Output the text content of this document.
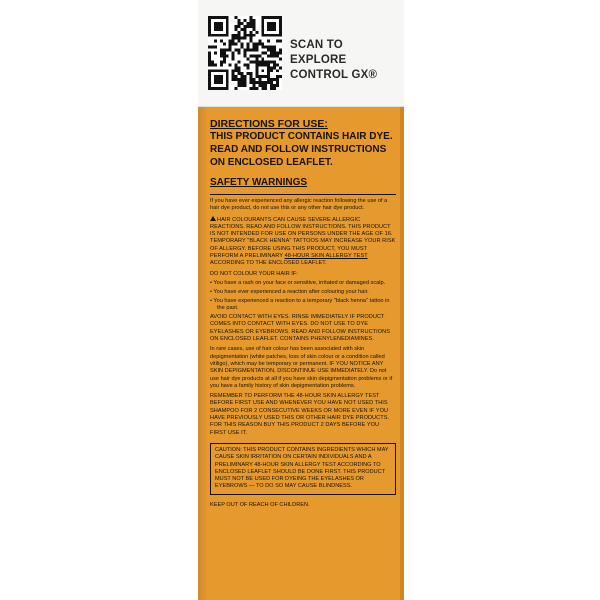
SCAN TO
EXPLORE
CONTROL GX®
DIRECTIONS FOR USE:
THIS PRODUCT CONTAINS HAIR DYE.
READ AND FOLLOW INSTRUCTIONS
ON ENCLOSED LEAFLET.
SAFETY WARNINGS

If you have ever experienced any allergic reaction following the use of a hair dye product, do not use this or any other hair dye product.

HAIR COLOURANTS CAN CAUSE SEVERE ALLERGIC REACTIONS. READ AND FOLLOW INSTRUCTIONS. THIS PRODUCT IS NOT INTENDED FOR USE ON PERSONS UNDER THE AGE OF 16. TEMPORARY "BLACK HENNA" TATTOOS MAY INCREASE YOUR RISK OF ALLERGY. BEFORE USING THIS PRODUCT, YOU MUST PERFORM A PRELIMINARY 48-HOUR SKIN ALLERGY TEST ACCORDING TO THE ENCLOSED LEAFLET.

DO NOT COLOUR YOUR HAIR IF:

• You have a rash on your face or sensitive, irritated or damaged scalp.
• You have ever experienced a reaction after colouring your hair.
• You have experienced a reaction to a temporary "black henna" tattoo in the past.

AVOID CONTACT WITH EYES. RINSE IMMEDIATELY IF PRODUCT COMES INTO CONTACT WITH EYES. DO NOT USE TO DYE EYELASHES OR EYEBROWS. READ AND FOLLOW INSTRUCTIONS ON ENCLOSED LEAFLET. CONTAINS PHENYLENEDIAMINES.

In rare cases, use of hair colour has been associated with skin depigmentation (white patches, loss of skin colour or a condition called vitiligo), which may be temporary or permanent. IF YOU NOTICE ANY SKIN DEPIGMENTATION, DISCONTINUE USE IMMEDIATELY. Do not use hair dye products at all if you have skin depigmentation problems or if you have a family history of skin depigmentation problems.

REMEMBER TO PERFORM THE 48-HOUR SKIN ALLERGY TEST BEFORE FIRST USE AND WHENEVER YOU HAVE NOT USED THIS SHAMPOO FOR 2 CONSECUTIVE WEEKS OR MORE EVEN IF YOU HAVE PREVIOUSLY USED THIS OR OTHER HAIR DYE PRODUCTS. FOR THIS REASON BUY THIS PRODUCT 2 DAYS BEFORE YOU FIRST USE IT.

CAUTION: THIS PRODUCT CONTAINS INGREDIENTS WHICH MAY CAUSE SKIN IRRITATION ON CERTAIN INDIVIDUALS AND A PRELIMINARY 48-HOUR SKIN ALLERGY TEST ACCORDING TO ENCLOSED LEAFLET SHOULD BE DONE FIRST. THIS PRODUCT MUST NOT BE USED FOR DYEING THE EYELASHES OR EYEBROWS — TO DO SO MAY CAUSE BLINDNESS.
KEEP OUT OF REACH OF CHILDREN.
